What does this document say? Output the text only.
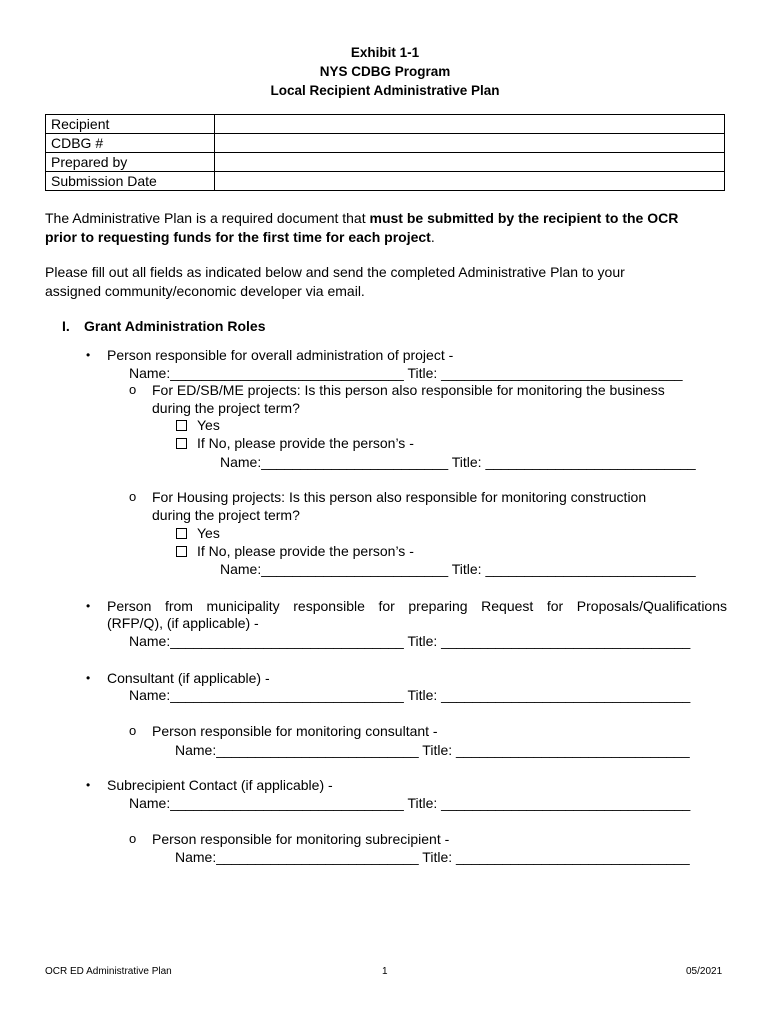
Exhibit 1-1
NYS CDBG Program
Local Recipient Administrative Plan
Recipient	
CDBG #	
Prepared by	
Submission Date	
The Administrative Plan is a required document that must be submitted by the recipient to the OCR
prior to requesting funds for the first time for each project.
Please fill out all fields as indicated below and send the completed Administrative Plan to your
assigned community/economic developer via email.
I. Grant Administration Roles
• Person responsible for overall administration of project -
Name:______________________________ Title: _______________________________
o For ED/SB/ME projects: Is this person also responsible for monitoring the business
during the project term?
Yes
If No, please provide the person’s -
Name:________________________ Title: ___________________________
o For Housing projects: Is this person also responsible for monitoring construction
during the project term?
Yes
If No, please provide the person’s -
Name:________________________ Title: ___________________________
• Person from municipality responsible for preparing Request for Proposals/Qualifications
(RFP/Q), (if applicable) -
Name:______________________________ Title: ________________________________
• Consultant (if applicable) -
Name:______________________________ Title: ________________________________
o Person responsible for monitoring consultant -
Name:__________________________ Title: ______________________________
• Subrecipient Contact (if applicable) -
Name:______________________________ Title: ________________________________
o Person responsible for monitoring subrecipient -
Name:__________________________ Title: ______________________________
OCR ED Administrative Plan	1	05/2021
